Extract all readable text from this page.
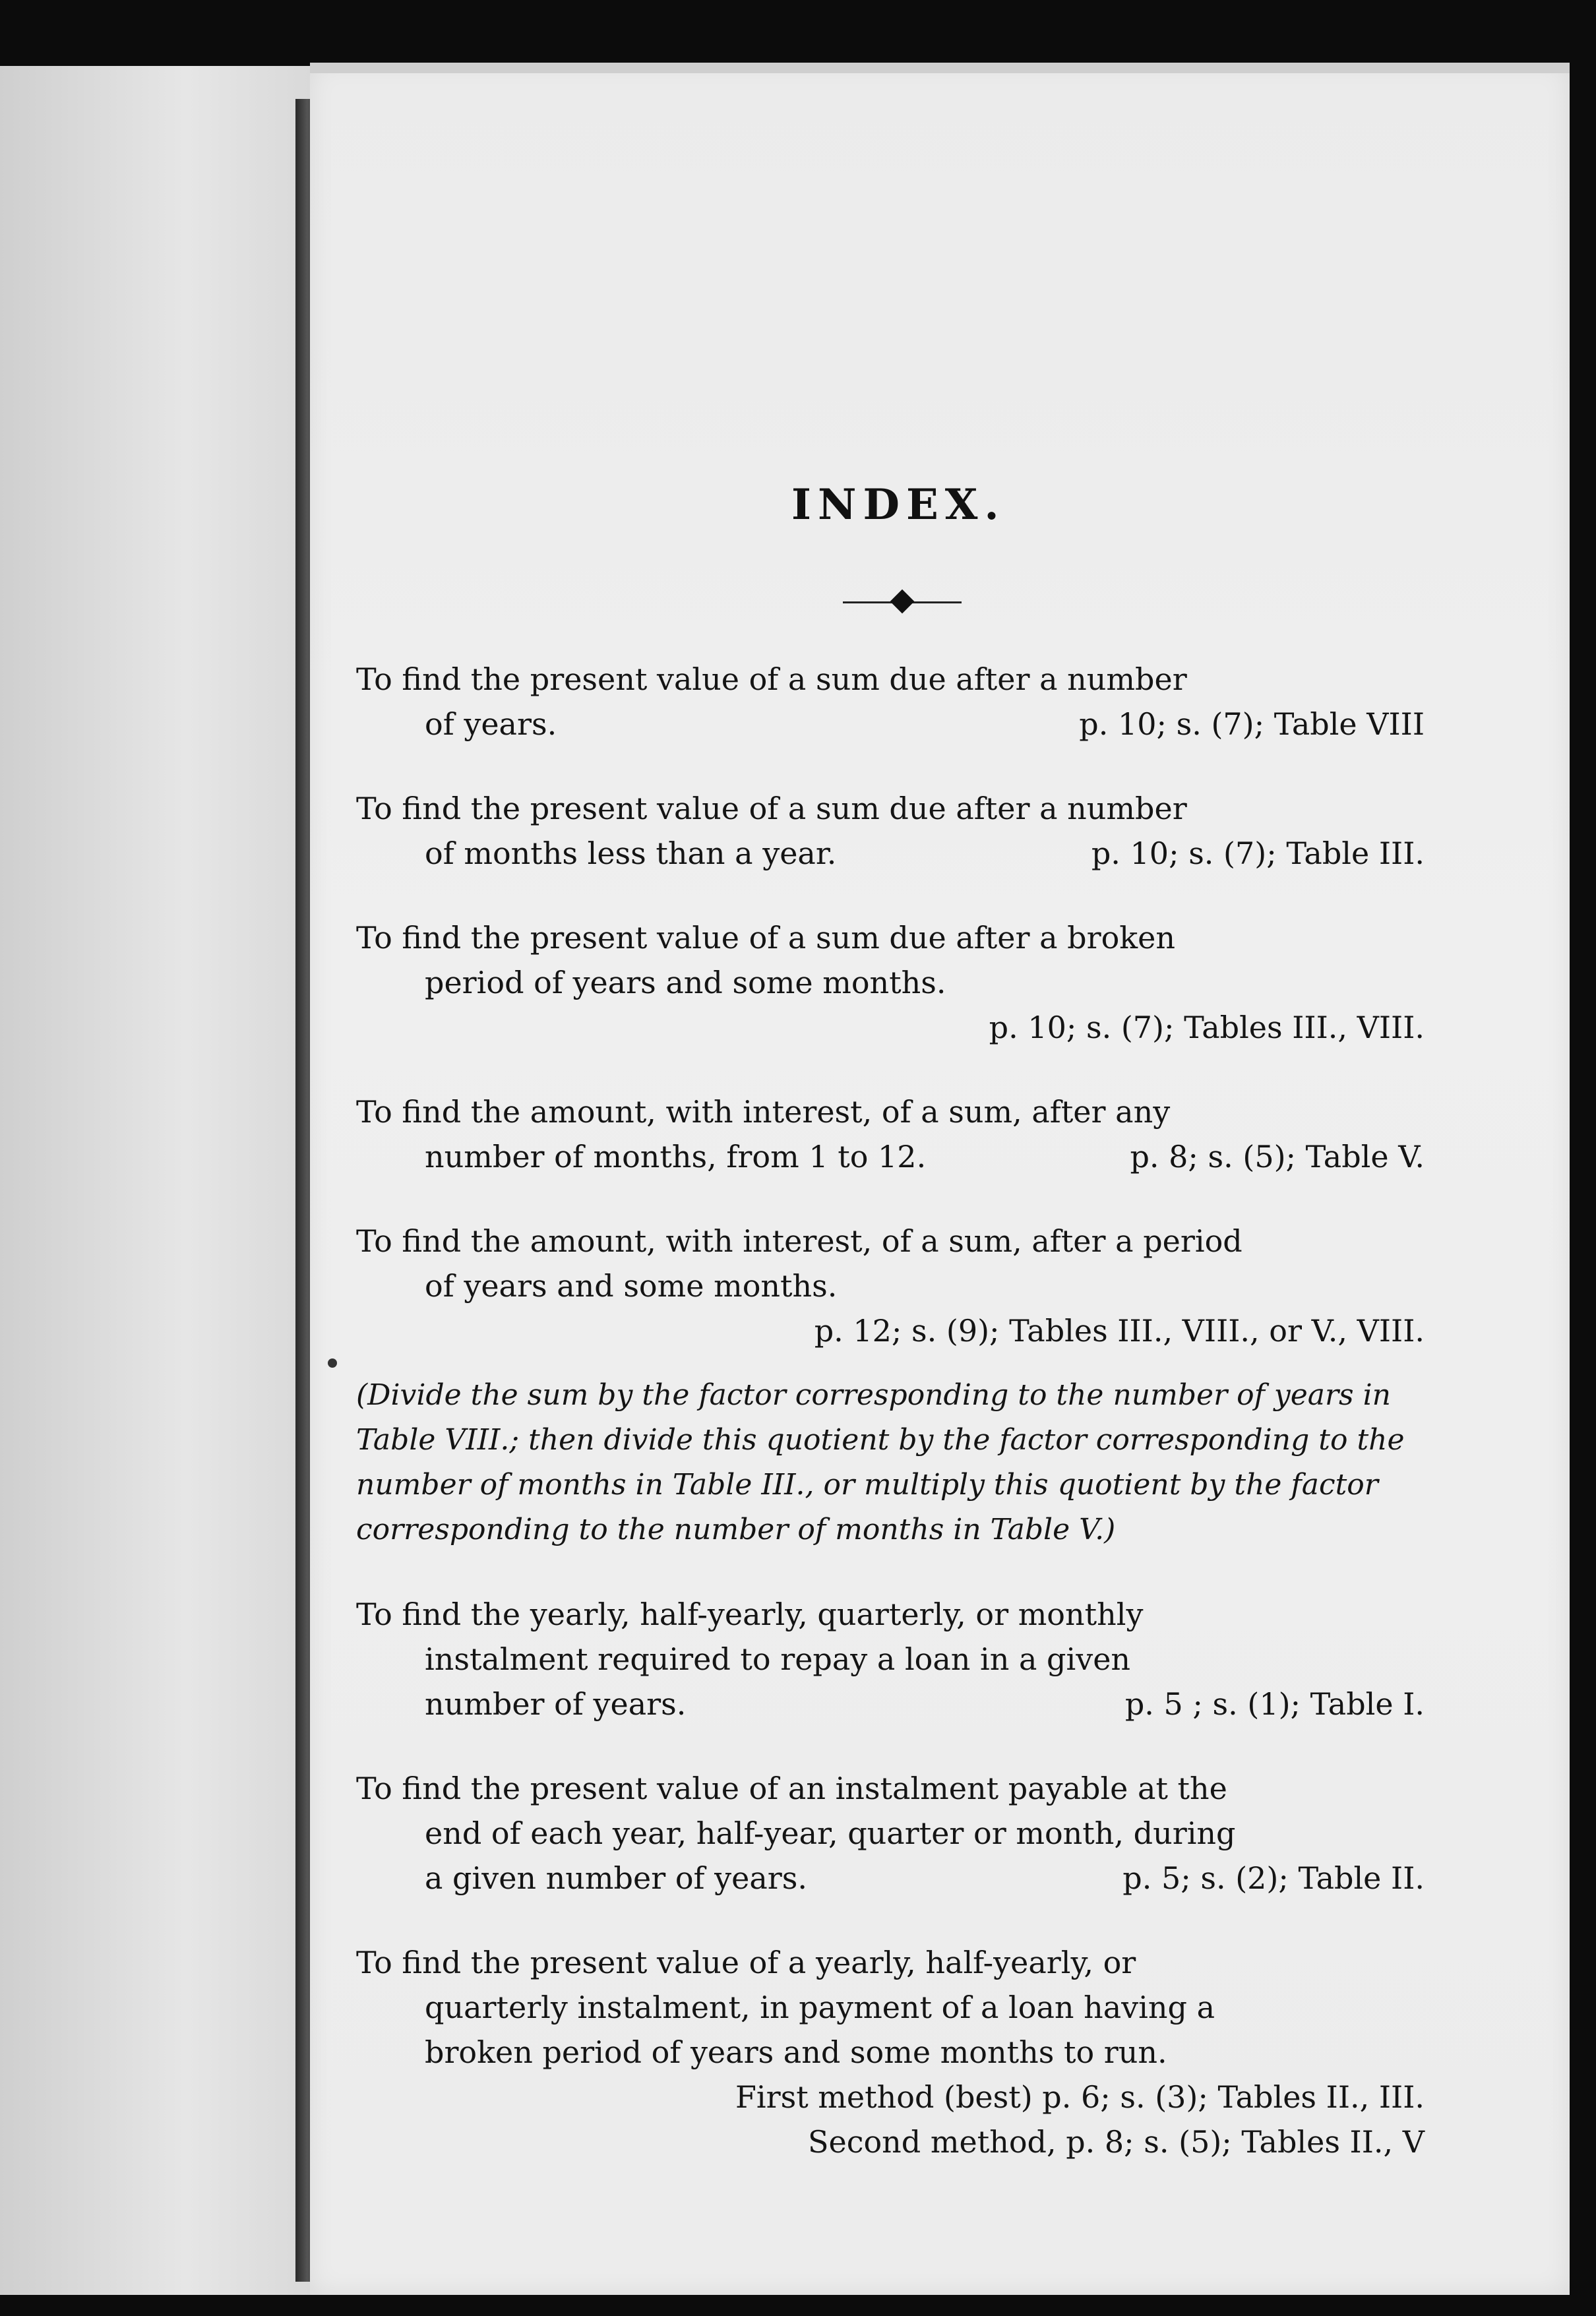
INDEX.
To find the present value of a sum due after a number
of years.	p. 10; s. (7); Table VIII
To find the present value of a sum due after a number
of months less than a year.	p. 10; s. (7); Table III.
To find the present value of a sum due after a broken
period of years and some months.
p. 10; s. (7); Tables III., VIII.
To find the amount, with interest, of a sum, after any
number of months, from 1 to 12.	p. 8; s. (5); Table V.
To find the amount, with interest, of a sum, after a period
of years and some months.
p. 12; s. (9); Tables III., VIII., or V., VIII.
(Divide the sum by the factor corresponding to the number of years in Table VIII.; then divide this quotient by the factor corresponding to the number of months in Table III., or multiply this quotient by the factor corresponding to the number of months in Table V.)
To find the yearly, half-yearly, quarterly, or monthly
instalment required to repay a loan in a given
number of years.	p. 5 ; s. (1); Table I.
To find the present value of an instalment payable at the
end of each year, half-year, quarter or month, during
a given number of years.	p. 5; s. (2); Table II.
To find the present value of a yearly, half-yearly, or
quarterly instalment, in payment of a loan having a
broken period of years and some months to run.
First method (best) p. 6; s. (3); Tables II., III.
Second method, p. 8; s. (5); Tables II., V
